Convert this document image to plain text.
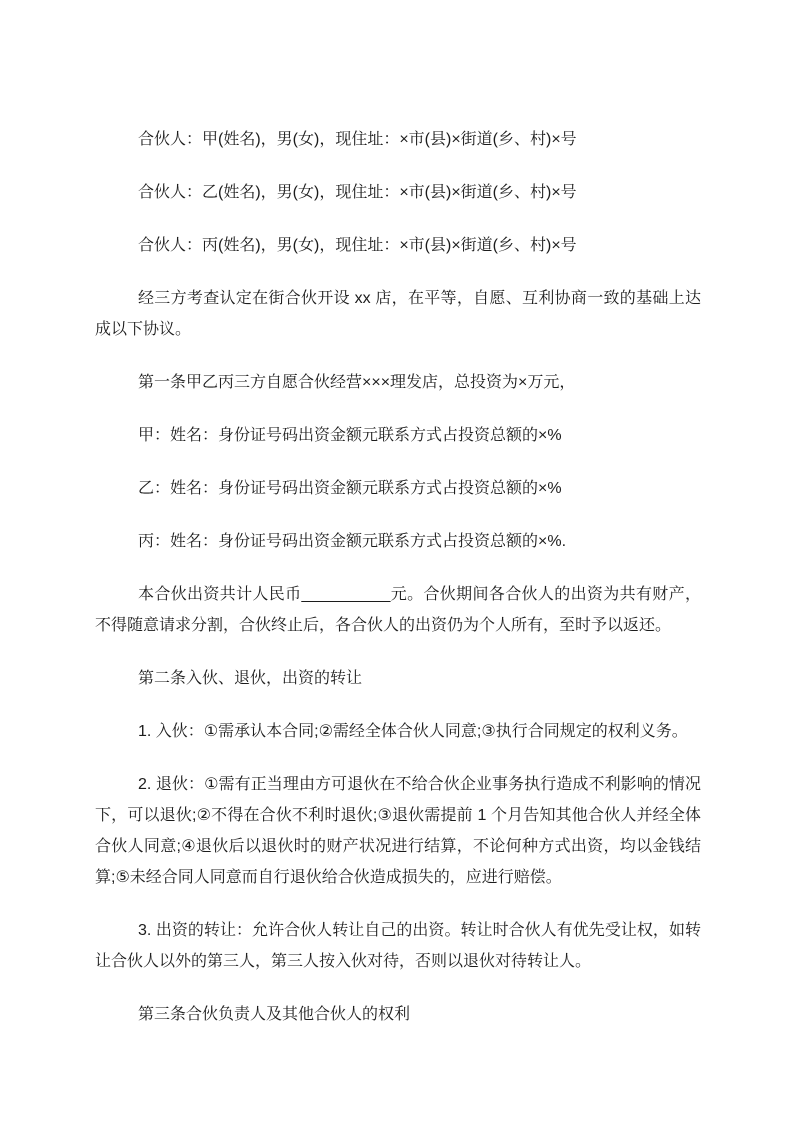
合伙人：甲(姓名)，男(女)，现住址：×市(县)×街道(乡、村)×号

合伙人：乙(姓名)，男(女)，现住址：×市(县)×街道(乡、村)×号

合伙人：丙(姓名)，男(女)，现住址：×市(县)×街道(乡、村)×号

经三方考查认定在街合伙开设 xx 店，在平等，自愿、互利协商一致的基础上达成以下协议。

第一条甲乙丙三方自愿合伙经营×××理发店，总投资为×万元，

甲：姓名：身份证号码出资金额元联系方式占投资总额的×%

乙：姓名：身份证号码出资金额元联系方式占投资总额的×%

丙：姓名：身份证号码出资金额元联系方式占投资总额的×%.

本合伙出资共计人民币__________元。合伙期间各合伙人的出资为共有财产，不得随意请求分割，合伙终止后，各合伙人的出资仍为个人所有，至时予以返还。

第二条入伙、退伙，出资的转让

1. 入伙：①需承认本合同;②需经全体合伙人同意;③执行合同规定的权利义务。

2. 退伙：①需有正当理由方可退伙在不给合伙企业事务执行造成不利影响的情况下，可以退伙;②不得在合伙不利时退伙;③退伙需提前 1 个月告知其他合伙人并经全体合伙人同意;④退伙后以退伙时的财产状况进行结算，不论何种方式出资，均以金钱结算;⑤未经合同人同意而自行退伙给合伙造成损失的，应进行赔偿。

3. 出资的转让：允许合伙人转让自己的出资。转让时合伙人有优先受让权，如转让合伙人以外的第三人，第三人按入伙对待，否则以退伙对待转让人。

第三条合伙负责人及其他合伙人的权利
